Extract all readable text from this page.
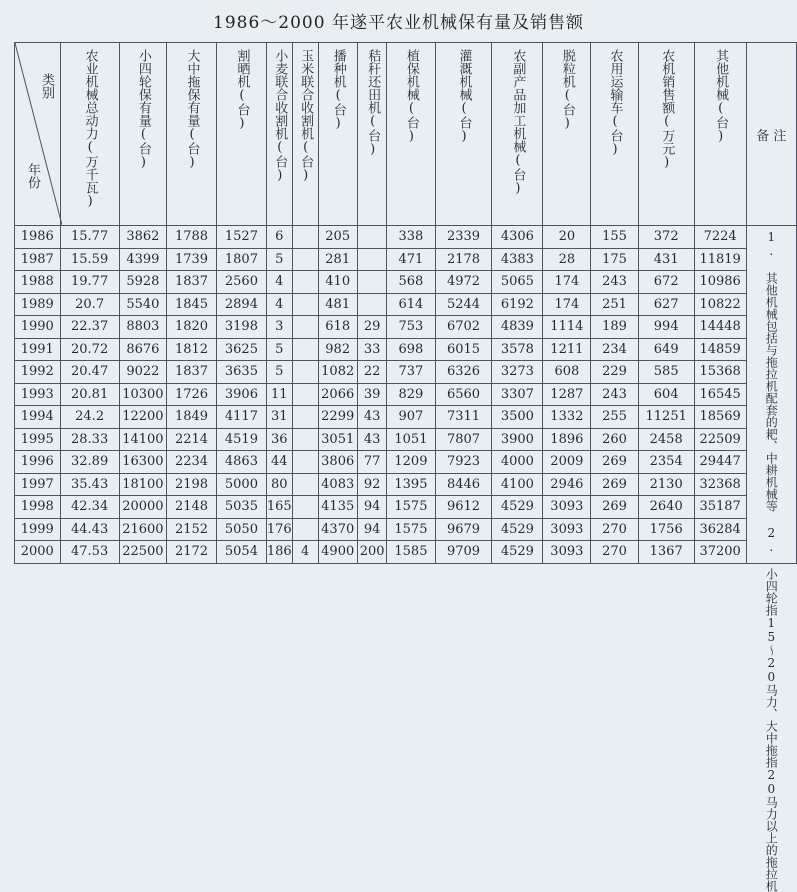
1986～2000 年遂平农业机械保有量及销售额
类别
年份	农业机械总动力(万千瓦)	小四轮保有量(台)	大中拖保有量(台)	割晒机(台)	小麦联合收割机(台)	玉米联合收割机(台)	播种机(台)	秸秆还田机(台)	植保机械(台)	灌溉机械(台)	农副产品加工机械(台)	脱粒机(台)	农用运输车(台)	农机销售额(万元)	其他机械(台)	备 注

1986	15.77	3862	1788	1527	6		205		338	2339	4306	20	155	372	7224	1. 其他机械包括与拖拉机配套的耙、中耕机械等 2. 小四轮指15～20马力、大中拖指20马力以上的拖拉机

1987	15.59	4399	1739	1807	5		281		471	2178	4383	28	175	431	11819	
1988	19.77	5928	1837	2560	4		410		568	4972	5065	174	243	672	10986	
1989	20.7	5540	1845	2894	4		481		614	5244	6192	174	251	627	10822	
1990	22.37	8803	1820	3198	3		618	29	753	6702	4839	1114	189	994	14448	
1991	20.72	8676	1812	3625	5		982	33	698	6015	3578	1211	234	649	14859	
1992	20.47	9022	1837	3635	5		1082	22	737	6326	3273	608	229	585	15368	
1993	20.81	10300	1726	3906	11		2066	39	829	6560	3307	1287	243	604	16545	
1994	24.2	12200	1849	4117	31		2299	43	907	7311	3500	1332	255	11251	18569	
1995	28.33	14100	2214	4519	36		3051	43	1051	7807	3900	1896	260	2458	22509	
1996	32.89	16300	2234	4863	44		3806	77	1209	7923	4000	2009	269	2354	29447	
1997	35.43	18100	2198	5000	80		4083	92	1395	8446	4100	2946	269	2130	32368	
1998	42.34	20000	2148	5035	165		4135	94	1575	9612	4529	3093	269	2640	35187	
1999	44.43	21600	2152	5050	176		4370	94	1575	9679	4529	3093	270	1756	36284	
2000	47.53	22500	2172	5054	186	4	4900	200	1585	9709	4529	3093	270	1367	37200	
